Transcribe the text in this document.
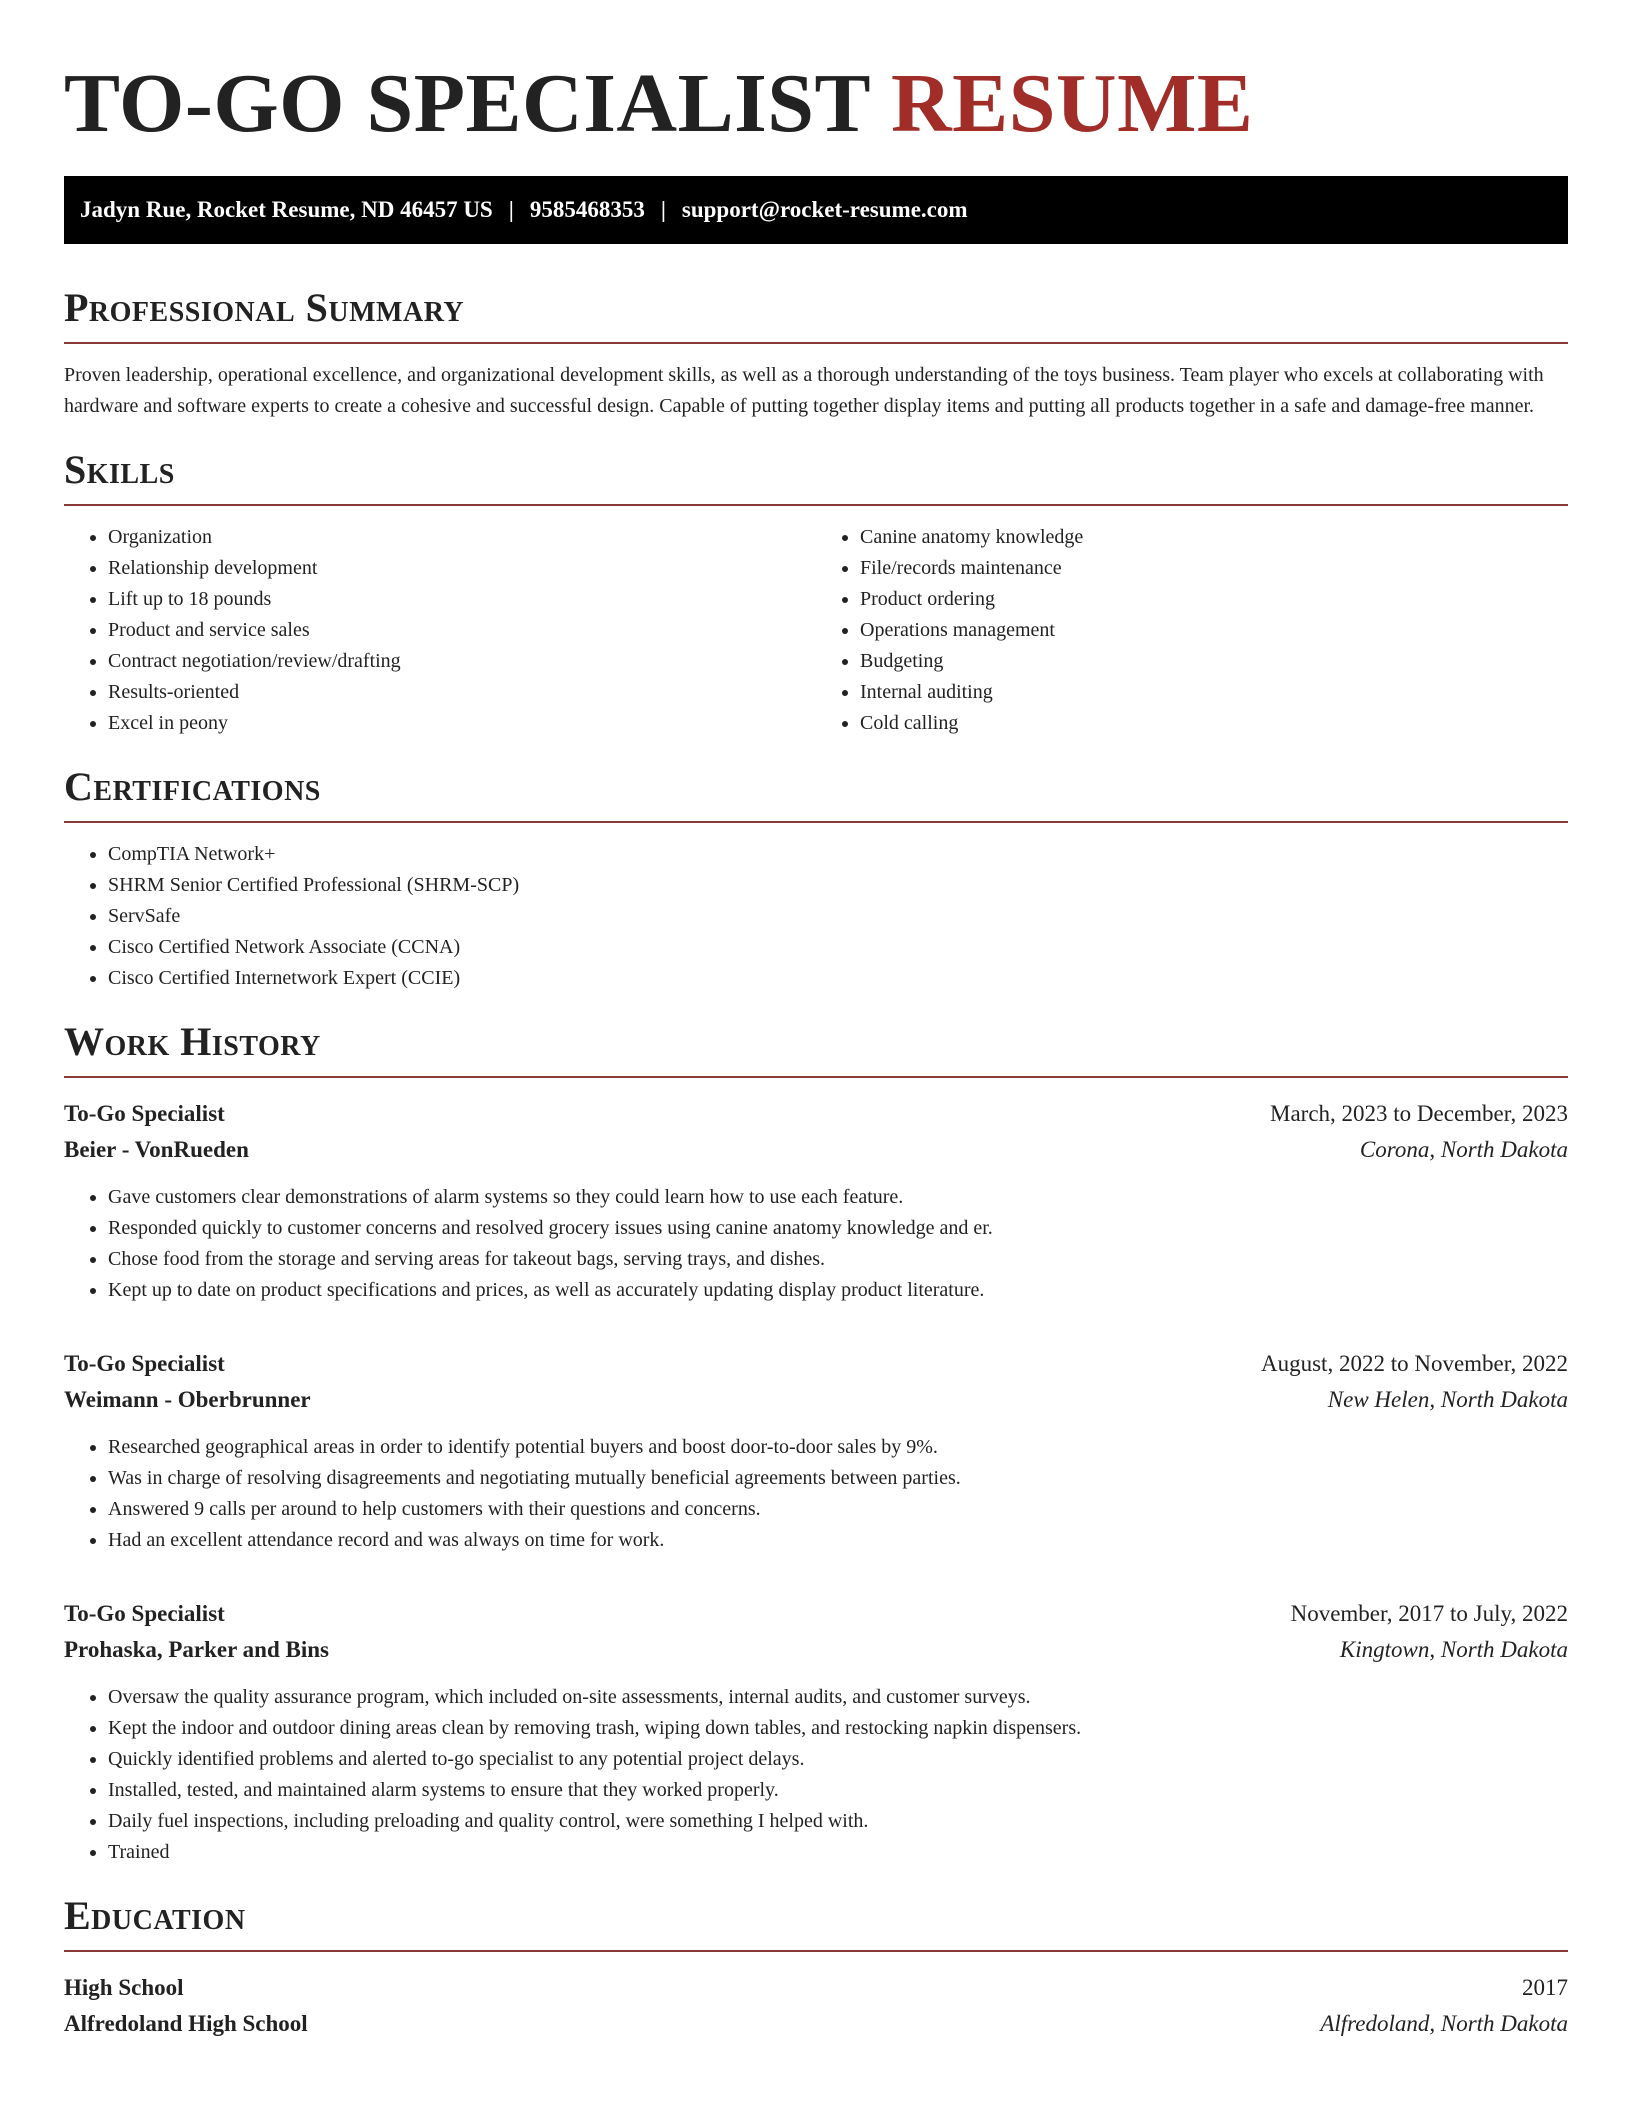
TO-GO SPECIALIST RESUME
Jadyn Rue, Rocket Resume, ND 46457 US | 9585468353 | support@rocket-resume.com
Professional Summary

Proven leadership, operational excellence, and organizational development skills, as well as a thorough understanding of the toys business. Team player who excels at collaborating with hardware and software experts to create a cohesive and successful design. Capable of putting together display items and putting all products together in a safe and damage-free manner.

Skills
• Organization
• Relationship development
• Lift up to 18 pounds
• Product and service sales
• Contract negotiation/review/drafting
• Results-oriented
• Excel in peony
• Canine anatomy knowledge
• File/records maintenance
• Product ordering
• Operations management
• Budgeting
• Internal auditing
• Cold calling
Certifications
• CompTIA Network+
• SHRM Senior Certified Professional (SHRM-SCP)
• ServSafe
• Cisco Certified Network Associate (CCNA)
• Cisco Certified Internetwork Expert (CCIE)
Work History
To-Go Specialist	March, 2023 to December, 2023
Beier - VonRueden	Corona, North Dakota
• Gave customers clear demonstrations of alarm systems so they could learn how to use each feature.
• Responded quickly to customer concerns and resolved grocery issues using canine anatomy knowledge and er.
• Chose food from the storage and serving areas for takeout bags, serving trays, and dishes.
• Kept up to date on product specifications and prices, as well as accurately updating display product literature.
To-Go Specialist	August, 2022 to November, 2022
Weimann - Oberbrunner	New Helen, North Dakota
• Researched geographical areas in order to identify potential buyers and boost door-to-door sales by 9%.
• Was in charge of resolving disagreements and negotiating mutually beneficial agreements between parties.
• Answered 9 calls per around to help customers with their questions and concerns.
• Had an excellent attendance record and was always on time for work.
To-Go Specialist	November, 2017 to July, 2022
Prohaska, Parker and Bins	Kingtown, North Dakota
• Oversaw the quality assurance program, which included on-site assessments, internal audits, and customer surveys.
• Kept the indoor and outdoor dining areas clean by removing trash, wiping down tables, and restocking napkin dispensers.
• Quickly identified problems and alerted to-go specialist to any potential project delays.
• Installed, tested, and maintained alarm systems to ensure that they worked properly.
• Daily fuel inspections, including preloading and quality control, were something I helped with.
• Trained
Education
High School	2017
Alfredoland High School	Alfredoland, North Dakota
